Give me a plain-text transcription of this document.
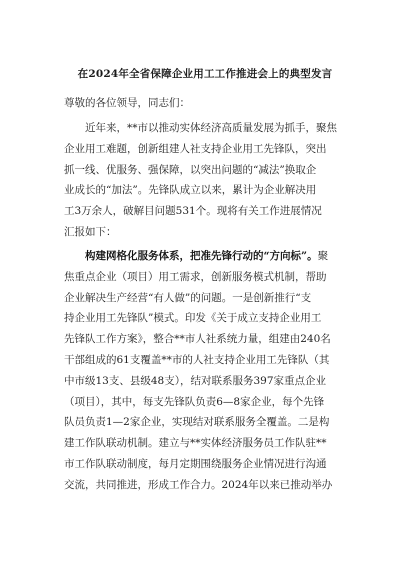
在2024年全省保障企业用工工作推进会上的典型发言
尊敬的各位领导，同志们：
　　近年来，**市以推动实体经济高质量发展为抓手，聚焦
企业用工难题，创新组建人社支持企业用工先锋队，突出
抓一线、优服务、强保障，以突出问题的“减法”换取企
业成长的“加法”。先锋队成立以来，累计为企业解决用
工3万余人，破解目问题531个。现将有关工作进展情况
汇报如下：
　　构建网格化服务体系，把准先锋行动的“方向标”。聚
焦重点企业（项目）用工需求，创新服务模式机制，帮助
企业解决生产经营“有人做”的问题。一是创新推行“支
持企业用工先锋队”模式。印发《关于成立支持企业用工
先锋队工作方案》，整合**市人社系统力量，组建由240名
干部组成的61支覆盖**市的人社支持企业用工先锋队（其
中市级13支、县级48支），结对联系服务397家重点企业
（项目），其中，每支先锋队负责6—8家企业，每个先锋
队员负责1—2家企业，实现结对联系服务全覆盖。二是构
建工作队联动机制。建立与**实体经济服务员工作队驻**
市工作队联动制度，每月定期围绕服务企业情况进行沟通
交流，共同推进，形成工作合力。2024年以来已推动举办
